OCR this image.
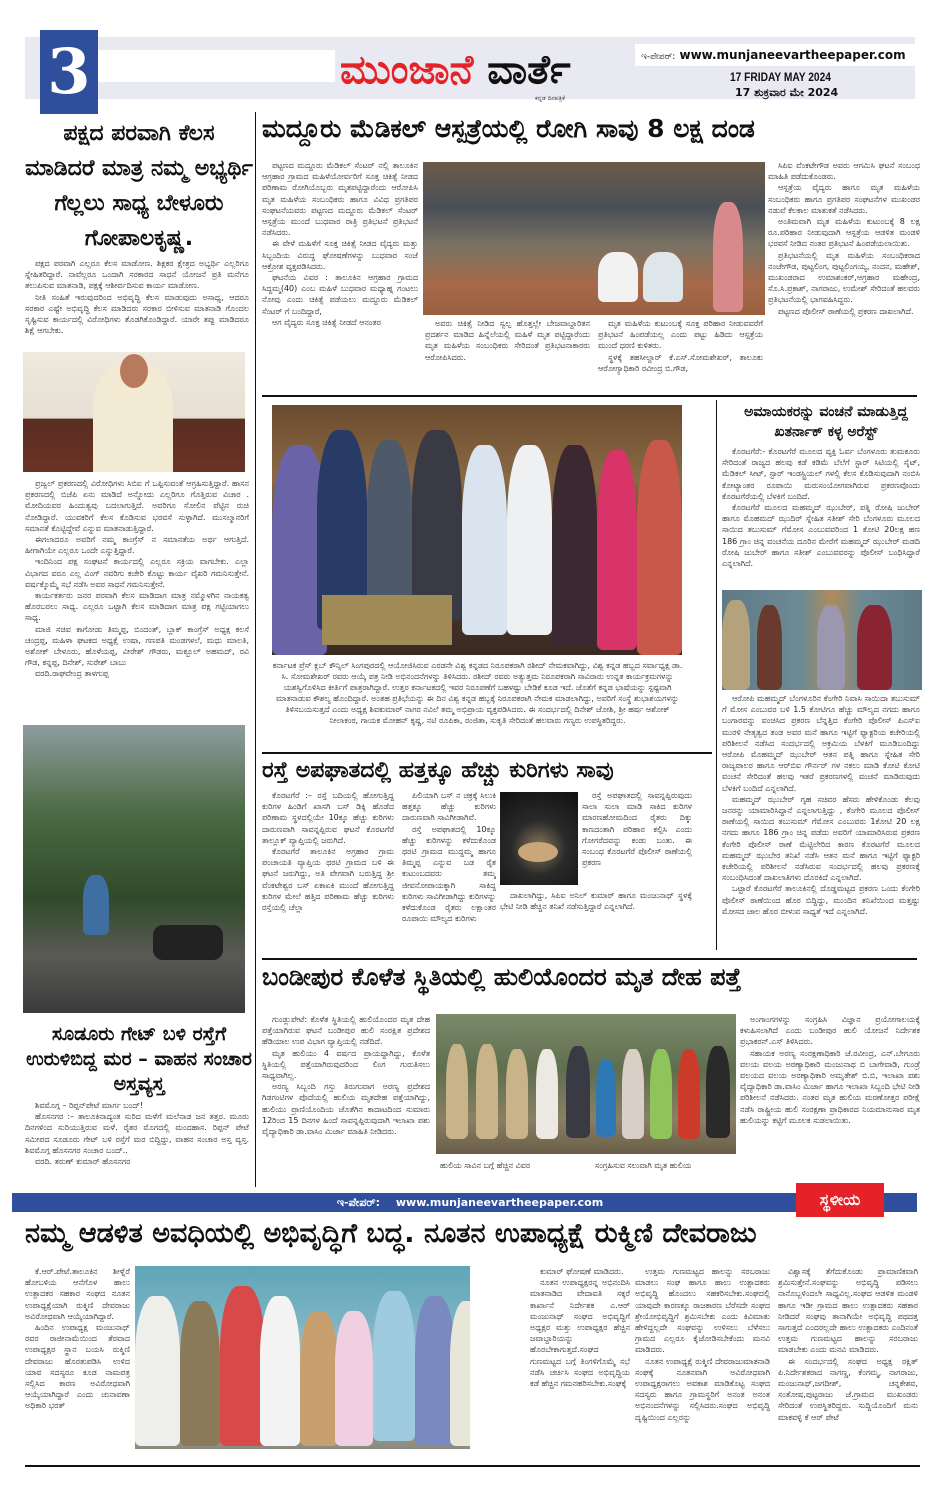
3	ಮುಂಜಾನೆ ವಾರ್ತೆ
ಕನ್ನಡ ದಿನಪತ್ರಿಕೆ
ಇ-ಪೇಪರ್: www.munjaneevartheepaper.com
17 FRIDAY MAY 2024
17 ಶುಕ್ರವಾರ ಮೇ 2024
ಪಕ್ಷದ ಪರವಾಗಿ ಕೆಲಸ ಮಾಡಿದರೆ ಮಾತ್ರ ನಮ್ಮ ಅಭ್ಯರ್ಥಿ ಗೆಲ್ಲಲು ಸಾಧ್ಯ ಬೇಳೂರು ಗೋಪಾಲಕೃಷ್ಣ.

ಪಕ್ಷದ ಪರವಾಗಿ ಎಲ್ಲರೂ ಕೆಲಸ ಮಾಡೋಣ. ಶಿಕ್ಷಕರ ಕ್ಷೇತ್ರದ ಅಭ್ಯರ್ಥಿ ಎಲ್ಲರಿಗೂ ಸ್ನೇಹಿತರಿದ್ದಾರೆ. ನಾವೆಲ್ಲರೂ ಒಂದಾಗಿ ಸರಕಾರದ ಸಾಧನೆ ಯೋಜನೆ ಪ್ರತಿ ಮನೆಗೂ ತಲುಪಿಸುವ ಮಾತನಾಡಿ, ಪಕ್ಷಕ್ಕೆ ಆಶೀರ್ವದಿಸುವ ಕಾರ್ಯ ಮಾಡೋಣ.

ನೀತಿ ಸಂಹಿತೆ ಇರುವುದರಿಂದ ಅಭಿವೃದ್ಧಿ ಕೆಲಸ ಮಾಡುವುದು ಅಸಾಧ್ಯ, ಆದರೂ ಸರಕಾರ ಎಷ್ಟೇ ಅಭಿವೃದ್ಧಿ ಕೆಲಸ ಮಾಡಿದರು ಸರಕಾರ ಬೀಳಿಸುವ ಮಾತನಾಡಿ ಗೊಂದಲ ಸೃಷ್ಟಿಸುವ ಕಾರ್ಯದಲ್ಲಿ ವಿರೋಧಿಗಳು ತೊಡಗಿಕೊಂಡಿದ್ದಾರೆ. ಯಾರೇ ತಪ್ಪು ಮಾಡಿದರೂ ಶಿಕ್ಷೆ ಆಗಬೇಕು.

ಪ್ರಜ್ವಲ್ ಪ್ರಕರಣದಲ್ಲಿ ವಿರೋಧಿಗಳು ಸಿಬಿಐ ಗೆ ಒಪ್ಪಿಸುವಂತೆ ಆಗ್ರಹಿಸುತ್ತಿದ್ದಾರೆ. ಹಾಸನ ಪ್ರಕರಣದಲ್ಲಿ ಬಿಜೆಪಿ ಏನು ಮಾಡಿದೆ ಅನ್ನೋದು ಎಲ್ಲರಿಗೂ ಗೊತ್ತಿರುವ ವಿಚಾರ . ಮೋದಿಯವರ ಹಿಂದುತ್ವವು ಬದಲಾಗುತ್ತಿದೆ. ಅವರಿಗೂ ಸೋಲಿನ ಪೆಟ್ಟಿನ ರುಚಿ ನೋಡಿದ್ದಾರೆ. ಯುವಕರಿಗೆ ಕೆಲಸ ಕೊಡಿಸುವ ಭರವಸೆ ಸುಳ್ಳಾಗಿದೆ. ಮುಸಲ್ಮಾನರಿಗೆ ಸಮಾನತೆ ಕೊಟ್ಟಿದ್ದೇವೆ ಎನ್ನುವ ಮಾತನಾಡುತ್ತಿದ್ದಾರೆ.

ಈಗಲಾದರೂ ಅವರಿಗೆ ನಮ್ಮ ಕಾಂಗ್ರೆಸ್ ನ ಸಮಾನತೆಯ ಅರ್ಥ ಆಗುತ್ತಿದೆ. ಹೀಗಾಗಿಯೇ ಎಲ್ಲರೂ ಒಂದೇ ಎನ್ನುತ್ತಿದ್ದಾರೆ.

ಇಂದಿನಿಂದ ಪಕ್ಷ ಸಂಘಟನೆ ಕಾರ್ಯದಲ್ಲಿ ಎಲ್ಲರೂ ಸಕ್ರಿಯ ವಾಗಬೇಕು. ಎಲ್ಲಾ ವಿಭಾಗದ ವರೂ ಎಲ್ಲ ವಿಂಗ್ ನವರಿಗು ಕಚೇರಿ ಕೊಟ್ಟು ಕಾರ್ಯ ವೈಖರಿ ಗಮನಿಸುತ್ತೇನೆ. ವರ್ಷಕ್ಕೊಮ್ಮೆ ಸಭೆ ನಡೆಸಿ ಅವರ ಸಾಧನೆ ಗಮನಿಸುತ್ತೇನೆ.

ಕಾರ್ಯಕರ್ತರು ಜನರ ಪರವಾಗಿ ಕೆಲಸ ಮಾಡಿದಾಗ ಮಾತ್ರ ನಮ್ಮೊಳಗಿನ ನಾಯಕತ್ವ ಹೊರಬರಲು ಸಾಧ್ಯ. ಎಲ್ಲರೂ ಒಟ್ಟಾಗಿ ಕೆಲಸ ಮಾಡಿದಾಗ ಮಾತ್ರ ಪಕ್ಷ ಗಟ್ಟಿಯಾಗಲು ಸಾಧ್ಯ.

ಮಾಜಿ ಸಚಿವ ಕಾಗೋಡು ತಿಮ್ಮಪ್ಪ, ಬಿಂದಂತ್, ಬ್ಲಾಕ್ ಕಾಂಗ್ರೆಸ್ ಅಧ್ಯಕ್ಷ ಕಲಸೆ ಚಂದ್ರಪ್ಪ, ಮಹಿಳಾ ಘಟಕದ ಅಧ್ಯಕ್ಷೆ ಉಷಾ, ಗಣಪತಿ ಮಂಡಗಳಲೆ, ಮಧು ಮಾಲತಿ, ಅಶೋಕ್ ಬೇಳೂರು, ಹೊಳೆಯಪ್ಪ, ವೀರೇಶ್ ಗೌಡರು, ಮಕ್ಬೂಲ್ ಅಹಮದ್, ರವಿ ಗೌಡ, ಕನ್ನಪ್ಪ, ದಿನೇಶ್, ಸುರೇಶ್ ಬಾಬು

ವರದಿ.ರಾಘವೇಂದ್ರ ತಾಳಗುಪ್ಪ

ಸೂಡೂರು ಗೇಟ್ ಬಳಿ ರಸ್ತೆಗೆ ಉರುಳಿಬಿದ್ದ ಮರ – ವಾಹನ ಸಂಚಾರ ಅಸ್ತವ್ಯಸ್ತ

ಶಿವಮೊಗ್ಗ – ರಿಪ್ಪನ್‌ಪೇಟೆ ಮಾರ್ಗ ಬಂದ್!

ಹೊಸನಗರ :– ತಾಲೂಕಿನಾದ್ಯಂತ ಸುರಿದ ಮಳೆಗೆ ಮಲೆನಾಡ ಜನ ತತ್ತರ. ಮೂರು ದಿನಗಳಿಂದ ಸುರಿಯುತ್ತಿರುವ ಮಳೆ. ರೈತರ ಮೊಗದಲ್ಲಿ ಮಂದಹಾಸ. ರಿಪ್ಪನ್ ಪೇಟೆ ಸಮೀಪದ ಸೂಡೂರು ಗೇಟ್ ಬಳಿ ರಸ್ತೆಗೆ ಮರ ಬಿದ್ದಿದ್ದು, ವಾಹನ ಸಂಚಾರ ಅಸ್ತ ವ್ಯಸ್ತ. ಶಿವಮೊಗ್ಗ ಹೊಸನಗರ ಸಂಚಾರ ಬಂದ್..

ವರದಿ. ತರುಣ್ ಕುಮಾರ್ ಹೊಸನಗರ

ಮದ್ದೂರು ಮೆಡಿಕಲ್ ಆಸ್ಪತ್ರೆಯಲ್ಲಿ ರೋಗಿ ಸಾವು 8 ಲಕ್ಷ ದಂಡ

ಪಟ್ಟಣದ ಮದ್ದೂರು ಮೆಡಿಕಲ್ ಸೆಂಟರ್ ನಲ್ಲಿ ತಾಲೂಕಿನ ಆಗ್ರಹಾರ ಗ್ರಾಮದ ಮಹಿಳೆಯೋರ್ವರಿಗೆ ಸೂಕ್ತ ಚಿಕಿತ್ಸೆ ನೀಡದ ಪರಿಣಾಮ ರೋಗಿಯೊಬ್ಬರು ಮೃತಪಟ್ಟಿದ್ದಾರೆಂದು ಆರೋಪಿಸಿ ಮೃತ ಮಹಿಳೆಯ ಸಂಬಂಧಿಕರು ಹಾಗೂ ವಿವಿಧ ಪ್ರಗತಿಪರ ಸಂಘಟನೆಯವರು ಪಟ್ಟಣದ ಮದ್ದೂರು ಮೆಡಿಕಲ್ ಸೆಂಟರ್ ಆಸ್ಪತ್ರೆಯ ಮುಂದೆ ಬುಧವಾರ ರಾತ್ರಿ ಪ್ರತಿಭಟನೆ ಪ್ರತಿಭಟನೆ ನಡೆಸಿದರು.

ಈ ವೇಳೆ ಮಹಿಳೆಗೆ ಸೂಕ್ತ ಚಿಕಿತ್ಸೆ ನೀಡದ ವೈದ್ಯರು ಮತ್ತು ಸಿಬ್ಬಂದಿಯ ವಿರುದ್ಧ ಘೋಷಣೆಗಳನ್ನು ಬುಧವಾರ ಸಂಜೆ ಆಕ್ರೋಶ ವ್ಯಕ್ತಪಡಿಸಿದರು.

ಘಟನೆಯ ವಿವರ : ತಾಲೂಕಿನ ಆಗ್ರಹಾರ ಗ್ರಾಮದ ಸಿದ್ದಮ್ಮ(40) ಎಂಬ ಮಹಿಳೆ ಬುಧವಾರ ಮಧ್ಯಾಹ್ನ ಗಂಟಲು ನೋವು ಎಂದು ಚಿಕಿತ್ಸೆ ಪಡೆಯಲು ಮದ್ದೂರು ಮೆಡಿಕಲ್ ಸೆಂಟರ್ ಗೆ ಬಂದಿದ್ದಾರೆ,

ಆಗ ವೈದ್ಯರು ಸೂಕ್ತ ಚಿಕಿತ್ಸೆ ನೀಡದೆ ಆನಂತರ	ಅವರು ಚಿಕಿತ್ಸೆ ನೀಡಿದ ಸ್ವಲ್ಪ ಹೊತ್ತಲ್ಲೇ ಬೇಜವಾಬ್ದಾರಿತನ ಪ್ರದರ್ಶನ ಮಾಡಿದ ಹಿನ್ನೆಲೆಯಲ್ಲಿ ಮಹಿಳೆ ಮೃತ ಪಟ್ಟಿದ್ದಾರೆಂದು ಮೃತ ಮಹಿಳೆಯ ಸಂಬಂಧಿಕರು ಸೇರಿದಂತೆ ಪ್ರತಿಭಟನಾಕಾರರು ಆರೋಪಿಸಿದರು.

ಮೃತ ಮಹಿಳೆಯ ಕುಟುಂಬಕ್ಕೆ ಸೂಕ್ತ ಪರಿಹಾರ ನೀಡುವವರೆಗೆ ಪ್ರತಿಭಟನೆ ಹಿಂಪಡೆಯಲ್ಲ ಎಂದು ಪಟ್ಟು ಹಿಡಿದು ಆಸ್ಪತ್ರೆಯ ಮುಂದೆ ಧರಣಿ ಕುಳಿತರು.

ಸ್ಥಳಕ್ಕೆ ತಹಸೀಲ್ದಾರ್ ಕೆ.ಎಸ್.ಸೋಮಶೇಖರ್, ತಾಲೂಕು ಆರೋಗ್ಯಾಧಿಕಾರಿ ರವೀಂದ್ರ ಬಿ.ಗೌಡ,

ಸಿಪಿಐ ವೆಂಕಟೇಗೌಡ ಅವರು ಆಗಮಿಸಿ ಘಟನೆ ಸಂಬಂಧ ಮಾಹಿತಿ ಪಡೆದುಕೊಂಡರು.

ಆಸ್ಪತ್ರೆಯ ವೈದ್ಯರು ಹಾಗೂ ಮೃತ ಮಹಿಳೆಯ ಸಂಬಂಧಿಕರು ಹಾಗೂ ಪ್ರಗತಿಪರ ಸಂಘಟನೆಗಳ ಮುಖಂಡರ ನಡುವೆ ಕೆಲಕಾಲ ಮಾತುಕತೆ ನಡೆಸಿದರು.

ಅಂತಿಮವಾಗಿ ಮೃತ ಮಹಿಳೆಯ ಕುಟುಂಬಕ್ಕೆ 8 ಲಕ್ಷ ರೂ.ಪರಿಹಾರ ನೀಡುವುದಾಗಿ ಆಸ್ಪತ್ರೆಯ ಆಡಳಿತ ಮಂಡಳಿ ಭರವಸೆ ನೀಡಿದ ನಂತರ ಪ್ರತಿಭಟನೆ ಹಿಂಪಡೆಯಲಾಯಿತು.

ಪ್ರತಿಭಟನೆಯಲ್ಲಿ ಮೃತ ಮಹಿಳೆಯ ಸಂಬಂಧಿಕರಾದ ನಂಜೇಗೌಡ, ಪುಟ್ಟಲಿಂಗ, ಪುಟ್ಟಲಿಂಗಯ್ಯ, ನಂದನ, ಮಹೇಶ್, ಮುಖಂಡರಾದ ಉಮಾಶಂಕರ್,ಆಗ್ರಹಾರ ಮಹೇಂದ್ರ, ಸೊ.ಸಿ.ಪ್ರಕಾಶ್, ನಾಗರಾಜು, ಉಮೇಶ್ ಸೇರಿದಂತೆ ಹಲವರು ಪ್ರತಿಭಟನೆಯಲ್ಲಿ ಭಾಗವಹಿಸಿದ್ದರು.

ಪಟ್ಟಣದ ಪೊಲೀಸ್ ಠಾಣೆಯಲ್ಲಿ ಪ್ರಕರಣ ದಾಖಲಾಗಿದೆ.

ಕರ್ನಾಟಕ ಪ್ರೆಸ್ ಕ್ಲಬ್ ಕೌನ್ಸಿಲ್ ಸಿಂಗಪುರದಲ್ಲಿ ಆಯೋಜಿಸಿರುವ ಎರಡನೇ ವಿಶ್ವ ಕನ್ನಡದ ನಿರೂಪಕರಾಗಿ ರಶೀದ್ ನೇಮಕವಾಗಿದ್ದು, ವಿಶ್ವ ಕನ್ನಡ ಹಬ್ಬದ ಸರ್ವಾಧ್ಯಕ್ಷ ಡಾ. ಸಿ. ಸೋಮಶೇಖರ್ ರವರು ಆಯ್ಕೆ ಪತ್ರ ನೀಡಿ ಅಭಿನಂದನೆಗಳನ್ನು ತಿಳಿಸಿದರು. ರಶೀದ್ ರವರು ಅತ್ಯುತ್ತಮ ನಿರೂಪಕರಾಗಿ ಸಾವಿರಾರು ಉನ್ನತ ಕಾರ್ಯಕ್ರಮಗಳನ್ನು ಯಶಸ್ವಿಗೊಳಿಸಿದ ಕೀರ್ತಿಗೆ ಪಾತ್ರರಾಗಿದ್ದಾರೆ. ಉತ್ತರ ಕರ್ನಾಟಕದಲ್ಲಿ ಇವರ ನಿರೂಪಣೆಗೆ ಬಹಳಷ್ಟು ಬೇಡಿಕೆ ಕೂಡ ಇದೆ. ಜೊತೆಗೆ ಕನ್ನಡ ಭಾಷೆಯನ್ನು ಸ್ಪಷ್ಟವಾಗಿ ಮಾತನಾಡುವ ಕೌಶಲ್ಯ ಹೊಂದಿದ್ದಾರೆ. ಅಂತಹ ಪ್ರತಿಭೆಯನ್ನು ಈ ದಿನ ವಿಶ್ವ ಕನ್ನಡ ಹಬ್ಬಕ್ಕೆ ನಿರೂಪಕರಾಗಿ ನೇಮಕ ಮಾಡಲಾಗಿದ್ದು, ಅವರಿಗೆ ಸಂಸ್ಥೆ ಶುಭಾಶಯಗಳನ್ನು ತಿಳಿಸಬಯಸುತ್ತದೆ ಎಂದು ಅಧ್ಯಕ್ಷ ಶಿವಕುಮಾರ್ ನಾಗರ ನವಿಲೆ ತಮ್ಮ ಅಭಿಪ್ರಾಯ ವ್ಯಕ್ತಪಡಿಸಿದರು. ಈ ಸಂದರ್ಭದಲ್ಲಿ ದಿನೇಶ್ ಜೋಶಿ, ಶ್ರೀ ಹರ್ಷ ಆಶೋಕ್ ನೀಲಾಕಂಠ, ಗಾಯಕ ಮೋಹನ್ ಕೃಷ್ಣ, ನಟಿ ರೂಪಿಕಾ, ರಂಜಿತಾ, ಸುಕೃತಿ ಸೇರಿದಂತೆ ಹಲವಾರು ಗಣ್ಯರು ಉಪಸ್ಥಿತರಿದ್ದರು.
ಅಮಾಯಕರನ್ನು ವಂಚನೆ ಮಾಡುತ್ತಿದ್ದ ಖತರ್ನಾಕ್ ಕಳ್ಳ ಅರೆಸ್ಟ್

ಕೊರಟಗೆರೆ:- ಕೊರಟಗೆರೆ ಮೂಲದ ವ್ಯಕ್ತಿ ಓರ್ವ ಬೆಂಗಳೂರು ತುಮಕೂರು ಸೇರಿದಂತೆ ರಾಜ್ಯದ ಹಲವು ಕಡೆ ಕಡಿಮೆ ಬೆಲೆಗೆ ಸ್ಟಾರ್ ಸಿಟಿಯಲ್ಲಿ ಸೈಟ್, ಮೆಡಿಕಲ್ ಸೀಟ್, ಸ್ಟಾರ್ ಇಂಡಸ್ಟ್ರಿಯಲ್ ಗಳಲ್ಲಿ ಕೆಲಸ ಕೊಡಿಸುವುದಾಗಿ ನಂಬಿಸಿ ಕೋಟ್ಯಾಂತರ ರೂಪಾಯಿ ಮರುಸಂಯೋಗವಾಗಿರುವ ಪ್ರಕರಣವೊಂದು ಕೊರಟಗೆರೆಯಲ್ಲಿ ಬೆಳಕಿಗೆ ಬಂದಿದೆ.

ಕೊರಟಗೆರೆ ಮೂಲದ ಮಹಮ್ಮದ್ ಝುಬೇರ್, ಪತ್ನಿ ರೋಷಿ ಜುಬೇರ್ ಹಾಗೂ ಮೊಹಮದ್ ಝುದಿರ್ ಸ್ನೇಹಿತ ಸತೀಶ್ ಸೇರಿ ಬೆಂಗಳೂರು ಮೂಲದ ಸಾಯಿದ ತಬುಸುಮ್ ಗೆಮೋಸ ಎಂಬುವವರಿಂದ 1 ಕೋಟಿ 20ಲಕ್ಷ ಹಣ 186 ಗ್ರಾಂ ಚಿನ್ನ ವಂಚನೆಯ ದೂರಿನ ಮೇರೆಗೆ ಮಹಮ್ಮದ್ ಝುಬೇರ್ ಮಡದಿ ರೋಷಿ ಜುಬೇರ್ ಹಾಗೂ ಸತೀಶ್ ಎಂಬುವವರನ್ನು ಪೊಲೀಸ್ ಬಂಧಿಸಿದ್ದಾರೆ ಎನ್ನಲಾಗಿದೆ.

ಆರೋಪಿ ಮಹಮ್ಮದ್ ಬೆಂಗಳೂರಿನ ಕೆಂಗೇರಿ ನಿವಾಸಿ ಸಾಯಿದಾ ತಬುಸುಮ್ ಗೆ ಮೋಸ ಎಂಬುವರ ಬಳಿ 1.5 ಕೋಟಿಗೂ ಹೆಚ್ಚು ಮೌಲ್ಯದ ನಗದು ಹಾಗೂ ಬಂಗಾರವನ್ನು ವಂಚಿಸಿದ ಪ್ರಕರಣ ಬೆನ್ನತ್ತಿದ ಕೆಂಗೇರಿ ಪೊಲೀಸ್ ಪಿಎಸ್ಐ ಮುರಳಿ ನೇತೃತ್ವದ ತಂಡ ಅವರ ಮನೆ ಹಾಗೂ ಇಟ್ಟಿಗೆ ಫ್ಯಾಕ್ಟರಿಯ ಕಚೇರಿಯಲ್ಲಿ ಪರಿಶೀಲನೆ ನಡೆಸಿದ ಸಂದರ್ಭದಲ್ಲಿ ಅಕ್ರಮಿಯ ಬೆಳಕಿಗೆ ಮೂಡಿಬಂದಿದ್ದು ಆರೋಪಿ ಮೊಹಮ್ಮದ್ ಝುಬೇರ್ ಆತನ ಪತ್ನಿ ಹಾಗೂ ಸ್ನೇಹಿತ ಸೇರಿ ರಾಜ್ಯಪಾಲರ ಹಾಗೂ ಆರ್‌ಬಿಐ ಗೌರ್ನರ್ ಗಳ ನಕಲು ಮಾಡಿ ಕೋಟಿ ಕೋಟಿ ವಂಚನೆ ಸೇರಿದಂತೆ ಹಲವು ಇತರೆ ಪ್ರಕರಣಗಳಲ್ಲಿ ವಂಚನೆ ಮಾಡಿರುವುದು ಬೆಳಕಿಗೆ ಬಂದಿದೆ ಎನ್ನಲಾಗಿದೆ.

ಮಹಮ್ಮದ್ ಝುಬೇರ್ ಗೃಹ ಸಚಿವರ ಹೆಸರು ಹೇಳಿಕೊಂಡು ಕೆಲವು ಜನರನ್ನು ಯಾಮಾರಿಸಿದ್ದಾನೆ ಎನ್ನಲಾಗುತ್ತಿದ್ದು , ಕೆಂಗೇರಿ ಮೂಲದ ಪೊಲೀಸ್ ಠಾಣೆಯಲ್ಲಿ ಸಾಯಿದ ತಬುಸುಮ್ ಗೆಮೋಸ ಎಂಬುವರು 1ಕೋಟಿ 20 ಲಕ್ಷ ನಗದು ಹಾಗೂ 186 ಗ್ರಾಂ ಚಿನ್ನ ಪಡೆದು ಅವರಿಗೆ ಯಾಮಾರಿಸಿರುವ ಪ್ರಕರಣ ಕೆಂಗೇರಿ ಪೊಲೀಸ್ ಠಾಣೆ ಮೆಟ್ಟಿಲೇರಿದ ಕಾರಣ ಕೊರಟಗೆರೆ ಮೂಲದ ಮಹಮ್ಮದ್ ಝುಬೇರ ತನಿಖೆ ನಡೆಸಿ ಆತನ ಮನೆ ಹಾಗೂ ಇಟ್ಟಿಗೆ ಫ್ಯಾಕ್ಟರಿ ಕಚೇರಿಯಲ್ಲಿ ಪರಿಶೀಲನೆ ನಡೆಸಿರುವ ಸಂದರ್ಭದಲ್ಲಿ ಹಲವು ಪ್ರಕರಣಕ್ಕೆ ಸಂಬಂಧಿಸಿದಂತೆ ದಾಖಲಾತಿಗಳು ದೊರಕಿದೆ ಎನ್ನಲಾಗಿದೆ.

ಒಟ್ಟಾರೆ ಕೊರಟಗೆರೆ ತಾಲೂಕಿನಲ್ಲಿ ದೊಡ್ಡಮಟ್ಟದ ಪ್ರಕರಣ ಒಂದು ಕೆಂಗೇರಿ ಪೊಲೀಸ್ ಠಾಣೆಯಿಂದ ಹೊರ ಬಿದ್ದಿದ್ದು, ಮುಂದಿನ ತನಿಖೆಯಿಂದ ಮತ್ತಷ್ಟು ಮೋಸದ ಜಾಲ ಹೊರ ಬೀಳುವ ಸಾಧ್ಯತೆ ಇದೆ ಎನ್ನಲಾಗಿದೆ.

ರಸ್ತೆ ಅಪಘಾತದಲ್ಲಿ ಹತ್ತಕ್ಕೂ ಹೆಚ್ಚು ಕುರಿಗಳು ಸಾವು

ಕೊರಟಗೆರೆ :– ರಸ್ತೆ ಬದಿಯಲ್ಲಿ ಹೋಗುತ್ತಿದ್ದ ಕುರಿಗಳ ಹಿಂಡಿಗೆ ಖಾಸಗಿ ಬಸ್ ಡಿಕ್ಕಿ ಹೊಡೆದ ಪರಿಣಾಮ ಸ್ಥಳದಲ್ಲಿಯೇ 10ಕ್ಕೂ ಹೆಚ್ಚು ಕುರಿಗಳು ದಾರುಣವಾಗಿ ಸಾವನ್ನಪ್ಪಿರುವ ಘಟನೆ ಕೊರಟಗೆರೆ ತಾಲ್ಲೂಕ್ ವ್ಯಾಪ್ತಿಯಲ್ಲಿ ಜರುಗಿದೆ.

ಕೊರಟಗೆರೆ ತಾಲೂಕಿನ ಅಗ್ರಹಾರ ಗ್ರಾಮ ಪಂಚಾಯತಿ ವ್ಯಾಪ್ತಿಯ ಥರಟಿ ಗ್ರಾಮದ ಬಳಿ ಈ ಘಟನೆ ಜರುಗಿದ್ದು, ಅತಿ ವೇಗವಾಗಿ ಬರುತ್ತಿದ್ದ ಶ್ರೀ ವೆಂಕಟೇಶ್ವರ ಬಸ್ ಏಕಾಏಕಿ ಮುಂದೆ ಹೋಗುತ್ತಿದ್ದ ಕುರಿಗಳ ಮೇಲೆ ಹತ್ತಿದ ಪರಿಣಾಮ ಹೆಚ್ಚು ಕುರಿಗಳು ರಸ್ತೆಯಲ್ಲಿ ಚೆಲ್ಲಾ

ಪಿಲಿಯಾಗಿ ಬಸ್ ನ ಚಕ್ರಕ್ಕೆ ಸಿಲುಕಿ ಹತ್ತಕ್ಕೂ ಹೆಚ್ಚು ಕುರಿಗಳು ದಾರುಣವಾಗಿ ಸಾವಿಗೀಡಾಗಿವೆ.

ರಸ್ತೆ ಅಪಘಾತದಲ್ಲಿ 10ಕ್ಕೂ ಹೆಚ್ಚು ಕುರಿಗಳನ್ನು ಕಳೆದುಕೊಂಡ ಥರಟಿ ಗ್ರಾಮದ ಮುದ್ದಮ್ಮ ಹಾಗೂ ತಿಮ್ಮಪ್ಪ ಎನ್ನುವ ಬಡ ರೈತ ಕುಟುಂಬದವರು ತಮ್ಮ ಜೀವನೋಪಾಯಕ್ಕಾಗಿ ಸಾಕಿದ್ದ ಕುರಿಗಳು ಸಾವಿಗೀಡಾಗಿದ್ದು ಕುರಿಗಳನ್ನು ಕಳೆದುಕೊಂಡ ರೈತರು ಲಕ್ಷಾಂತರ ರೂಪಾಯಿ ಮೌಲ್ಯದ ಕುರಿಗಳು

ರಸ್ತೆ ಅಪಘಾತದಲ್ಲಿ ಸಾವನ್ನಪ್ಪಿರುವುದು ಸಾಲಾ ಸುಲಾ ಮಾಡಿ ಸಾಕಿದ ಕುರಿಗಳ ಮಾರಣಹೋಮದಿಂದ ರೈತರು ದಿಕ್ಕು ಕಾಣದಂತಾಗಿ ಪರಿಹಾರ ಕಲ್ಪಿಸಿ ಎಂದು ಗೋಗರೆದವನ್ನು ಕಂಡು ಬಂತು. ಈ ಸಂಬಂಧ ಕೊರಟಗೆರೆ ಪೊಲೀಸ್ ಠಾಣೆಯಲ್ಲಿ ಪ್ರಕರಣ

ದಾಖಲಾಗಿದ್ದು, ಸಿಪಿಐ ಅನಿಲ್ ಕುಮಾರ್ ಹಾಗೂ ಮಂಜುನಾಥ್ ಸ್ಥಳಕ್ಕೆ ಭೇಟಿ ನೀಡಿ ಹೆಚ್ಚಿನ ತನಿಖೆ ನಡೆಸುತ್ತಿದ್ದಾರೆ ಎನ್ನಲಾಗಿದೆ.

ಬಂಡೀಪುರ ಕೊಳೆತ ಸ್ಥಿತಿಯಲ್ಲಿ ಹುಲಿಯೊಂದರ ಮೃತ ದೇಹ ಪತ್ತೆ

ಗುಂಡ್ಲುಪೇಟೆ: ಕೊಳೆತ ಸ್ಥಿತಿಯಲ್ಲಿ ಹುಲಿಯೊಂದರ ಮೃತ ದೇಹ ಪತ್ತೆಯಾಗಿರುವ ಘಟನೆ ಬಂಡೀಪುರ ಹುಲಿ ಸಂರಕ್ಷಿತ ಪ್ರದೇಶದ ಹೆಡಿಯಾಲ ಉಪ ವಿಭಾಗ ವ್ಯಾಪ್ತಿಯಲ್ಲಿ ನಡೆದಿದೆ.

ಮೃತ ಹುಲಿಯು 4 ವರ್ಷದ ಪ್ರಾಯದ್ದಾಗಿದ್ದು, ಕೊಳೆತ ಸ್ಥಿತಿಯಲ್ಲಿ ಪತ್ತೆಯಾಗಿರುವುದರಿಂದ ಲಿಂಗ ಗುರುತಿಸಲು ಸಾಧ್ಯವಾಗಿಲ್ಲ.

ಅರಣ್ಯ ಸಿಬ್ಬಂದಿ ಗಸ್ತು ತಿರುಗುವಾಗ ಅರಣ್ಯ ಪ್ರದೇಶದ ಗಿಡಗಂಟಿಗಳ ಪೊದೆಯಲ್ಲಿ ಹುಲಿಯ ಮೃತದೇಹ ಪತ್ತೆಯಾಗಿದ್ದು, ಹುಲಿಯು ಪ್ರಾಣಿಯೊಂದಿಯ ಜೊತೆಗಿನ ಕಾದಾಟದಿಂದ ಸುಮಾರು 12ರಿಂದ 15 ದಿನಗಳ ಹಿಂದೆ ಸಾವನ್ನಪ್ಪಿರುವುದಾಗಿ ಇಲಾಖಾ ಪಶು ವೈದ್ಯಾಧಿಕಾರಿ ಡಾ.ವಾಸಿಂ ಮಿರ್ಜಾ ಮಾಹಿತಿ ನೀಡಿದರು.

ಹುಲಿಯ ಸಾವಿನ ಬಗ್ಗೆ ಹೆಚ್ಚಿನ ವಿವರ	ಸಂಗ್ರಹಿಸುವ ಸಲುವಾಗಿ ಮೃತ ಹುಲಿಯ

ಅಂಗಾಂಗಗಳನ್ನು ಸಂಗ್ರಹಿಸಿ ವಿಜ್ಞಾನ ಪ್ರಯೋಗಾಲಯಕ್ಕೆ ಕಳುಹಿಸಲಾಗಿದೆ ಎಂದು ಬಂಡೀಪುರ ಹುಲಿ ಯೋಜನೆ ನಿರ್ದೇಶಕ ಪ್ರಭಾಕರನ್.ಎಸ್ ತಿಳಿಸಿದರು.

ಸಹಾಯಕ ಅರಣ್ಯ ಸಂರಕ್ಷಣಾಧಿಕಾರಿ ಜೆ.ರವೀಂದ್ರ, ಎನ್.ಬೇಗೂರು ವಲಯ ವಲಯ ಅರಣ್ಯಾಧಿಕಾರಿ ಮಂಜುನಾಥ ಬಿ ಬಾಗೇವಾಡಿ, ಗುಂಡ್ರೆ ವಲಯದ ವಲಯ ಅರಣ್ಯಾಧಿಕಾರಿ ಅಮೃತೇಶ್ ಬಿ.ಬಿ, ಇಲಾಖಾ ಪಶು ವೈದ್ಯಾಧಿಕಾರಿ ಡಾ.ವಾಸಿಂ ಮಿರ್ಜಾ ಹಾಗೂ ಇಲಾಖಾ ಸಿಬ್ಬಂದಿ ಭೇಟಿ ನೀಡಿ ಪರಿಶೀಲನೆ ನಡೆಸಿದರು. ನಂತರ ಮೃತ ಹುಲಿಯ ಮರಣೋತ್ತರ ಪರೀಕ್ಷೆ ನಡೆಸಿ ರಾಷ್ಟ್ರೀಯ ಹುಲಿ ಸಂರಕ್ಷಣಾ ಪ್ರಾಧಿಕಾರದ ನಿಯಮಾನುಸಾರ ಮೃತ ಹುಲಿಯನ್ನು ಕಟ್ಟಿಗೆ ಮೂಲಕ ಸುಡಲಾಯಿತು.

ಇ-ಪೇಪರ್: www.munjaneevartheepaper.com	ಸ್ಥಳೀಯ
ನಮ್ಮ ಆಡಳಿತ ಅವಧಿಯಲ್ಲಿ ಅಭಿವೃದ್ಧಿಗೆ ಬದ್ಧ. ನೂತನ ಉಪಾಧ್ಯಕ್ಷೆ ರುಕ್ಮಿಣಿ ದೇವರಾಜು

ಕೆ.ಆರ್.ಪೇಟೆ.ತಾಲೂಕಿನ ಶೀಳ್ನೆರೆ ಹೋಬಳಿಯ ಆನೆಗೊಳ ಹಾಲು ಉತ್ಪಾದಕರ ಸಹಕಾರ ಸಂಘದ ನೂತನ ಉಪಾಧ್ಯಕ್ಷೆಯಾಗಿ ರುಕ್ಮಿಣಿ ದೇವರಾಜು ಅವಿರೋಧವಾಗಿ ಆಯ್ಕೆಯಾಗಿದ್ದಾರೆ.

ಹಿಂದಿನ ಉಪಾಧ್ಯಕ್ಷ ಮಂಜುನಾಥ್ ರವರ ರಾಜೀನಾಮೆಯಿಂದ ತೆರವಾದ ಉಪಾಧ್ಯಕ್ಷರ ಸ್ಥಾನ ಬಯಸಿ ರುಕ್ಮಿಣಿ ದೇವರಾಜು ಹೊರತುಪಡಿಸಿ ಉಳಿದ ಯಾವ ಸದಸ್ಯರೂ ಕೂಡ ನಾಮಪತ್ರ ಸಲ್ಲಿಸಿದ ಕಾರಣ ಅವಿರೋಧವಾಗಿ ಆಯ್ಕೆಯಾಗಿದ್ದಾರೆ ಎಂದು ಚುನಾವಣಾ ಅಧಿಕಾರಿ ಭರತ್

ಕುಮಾರ್ ಘೋಷಣೆ ಮಾಡಿದರು.

ನೂತನ ಉಪಾಧ್ಯಕ್ಷರನ್ನ ಅಭಿನಂದಿಸಿ ಮಾತನಾಡಿದ ವೇದಾವತಿ ಸಕ್ಕರೆ ಕಾರ್ಖಾನೆ ನಿರ್ದೇಶಕ ಎ.ಆರ್ ಮಂಜುನಾಥ್ ಸಂಘದ ಅಭಿವೃದ್ಧಿಗೆ ಅಧ್ಯಕ್ಷರ ಮತ್ತು ಉಪಾಧ್ಯಕ್ಷರ ಹೆಚ್ಚಿನ ಜವಾಬ್ದಾರಿಯನ್ನು ಹೊರಬೇಕಾಗುತ್ತದೆ.ಸಂಘದ ಗುಣಮಟ್ಟದ ಬಗ್ಗೆ ತಿಂಗಳಿಗೊಮ್ಮೆ ಸಭೆ ನಡೆಸಿ ಚರ್ಚಿಸಿ ಸಂಘದ ಅಭಿವೃದ್ಧಿಯ ಕಡೆ ಹೆಚ್ಚಿನ ಗಮನಹರಿಸಬೇಕು.ಸಂಘಕ್ಕೆ

ಉತ್ತಮ ಗುಣಮಟ್ಟದ ಹಾಲನ್ನು ಸರಬರಾಜು ಮಾಡಲು ಸಂಘ ಹಾಗೂ ಹಾಲು ಉತ್ಪಾದಕರು ಅಭಿವೃದ್ಧಿ ಹೊಂದಲು ಸಹಕರಿಸಬೇಕು.ಸಂಘದಲ್ಲಿ ಯಾವುದೇ ಕಾರಣಕ್ಕೂ ರಾಜಕಾರಣ ಬೆರೆಸದೇ ಸಂಘದ ಶ್ರೇಯೋಭಿವೃದ್ಧಿಗೆ ಶ್ರಮಿಸಬೇಕು ಎಂದು ಕಿವಿಮಾತು ಹೇಳಿದ್ದಲ್ಲದೇ ಸಂಘವನ್ನು ಉಳಿಸಲು ಬೆಳೆಸಲು ಗ್ರಾಮದ ಎಲ್ಲರೂ ಕೈಜೋಡಿಸಬೇಕೆಂದು ಮನವಿ ಮಾಡಿದರು.

ನೂತನ ಉಪಾಧ್ಯಕ್ಷೆ ರುಕ್ಮಿಣಿ ದೇವರಾಜುಮಾತನಾಡಿ ಸಂಘಕ್ಕೆ ನೂತನವಾಗಿ ಅವಿರೋಧವಾಗಿ ಉಪಾಧ್ಯಕ್ಷರಾಗಲು ಅವಕಾಶ ಮಾಡಿಕೊಟ್ಟ ಸಂಘದ ಸದಸ್ಯರು ಹಾಗೂ ಗ್ರಾಮಸ್ಥರಿಗೆ ಅನಂತ ಅನಂತ ಅಭಿನಂದನೆಗಳನ್ನು ಸಲ್ಲಿಸಿದರು.ಸಂಘದ ಅಭಿವೃದ್ಧಿ ದೃಷ್ಟಿಯಿಂದ ಎಲ್ಲರನ್ನು

ವಿಶ್ವಾಸಕ್ಕೆ ತೆಗೆದುಕೊಂಡು ಪ್ರಾಮಾಣಿಕವಾಗಿ ಶ್ರಮಿಸುತ್ತೇನೆ.ಸಂಘವನ್ನು ಅಭಿವೃದ್ಧಿ ಪಡಿಸಲು ನಾನೊಬ್ಬಳಿಂದಲೇ ಸಾಧ್ಯವಿಲ್ಲ.ಸಂಘದ ಆಡಳಿತ ಮಂಡಳಿ ಹಾಗೂ ಇಡೀ ಗ್ರಾಮದ ಹಾಲು ಉತ್ಪಾದಕರು ಸಹಕಾರ ನೀಡಿದರೆ ಸಂಘವು ತಾನಾಗಿಯೇ ಅಭಿವೃದ್ಧಿ ಪಥದತ್ತ ಸಾಗುತ್ತದೆ ಎಂದರಲ್ಲದೇ ಹಾಲು ಉತ್ಪಾದಕರು ಎಂದಿನಂತೆ ಉತ್ತಮ ಗುಣಮಟ್ಟದ ಹಾಲನ್ನು ಸರಬರಾಜು ಮಾಡಬೇಕು ಎಂದು ಮನವಿ ಮಾಡಿದರು.

ಈ ಸಂದರ್ಭದಲ್ಲಿ ಸಂಘದ ಅಧ್ಯಕ್ಷ ರಕ್ಷಿತ್ ಪಿ.ನಿರ್ದೇಶಕರಾದ ನಾಗಣ್ಣ, ಕೆಂಗಮ್ಮ, ನಾಗರಾಜು, ಮಂಜುನಾಥ್,ಜಗದೀಶ್, ಚನ್ನಕೇಶವ, ಸಂತೋಷ,ಪುಟ್ಟರಾಜು ಜೆ.ಗ್ರಾಮದ ಮುಖಂಡರು ಸೇರಿದಂತೆ ಉಪಸ್ಥಿತರಿದ್ದರು. ಸುದ್ದಿಯೊಂದಿಗೆ ಮನು ಮಾಕವಳ್ಳಿ ಕೆ ಆರ್ ಪೇಟೆ
